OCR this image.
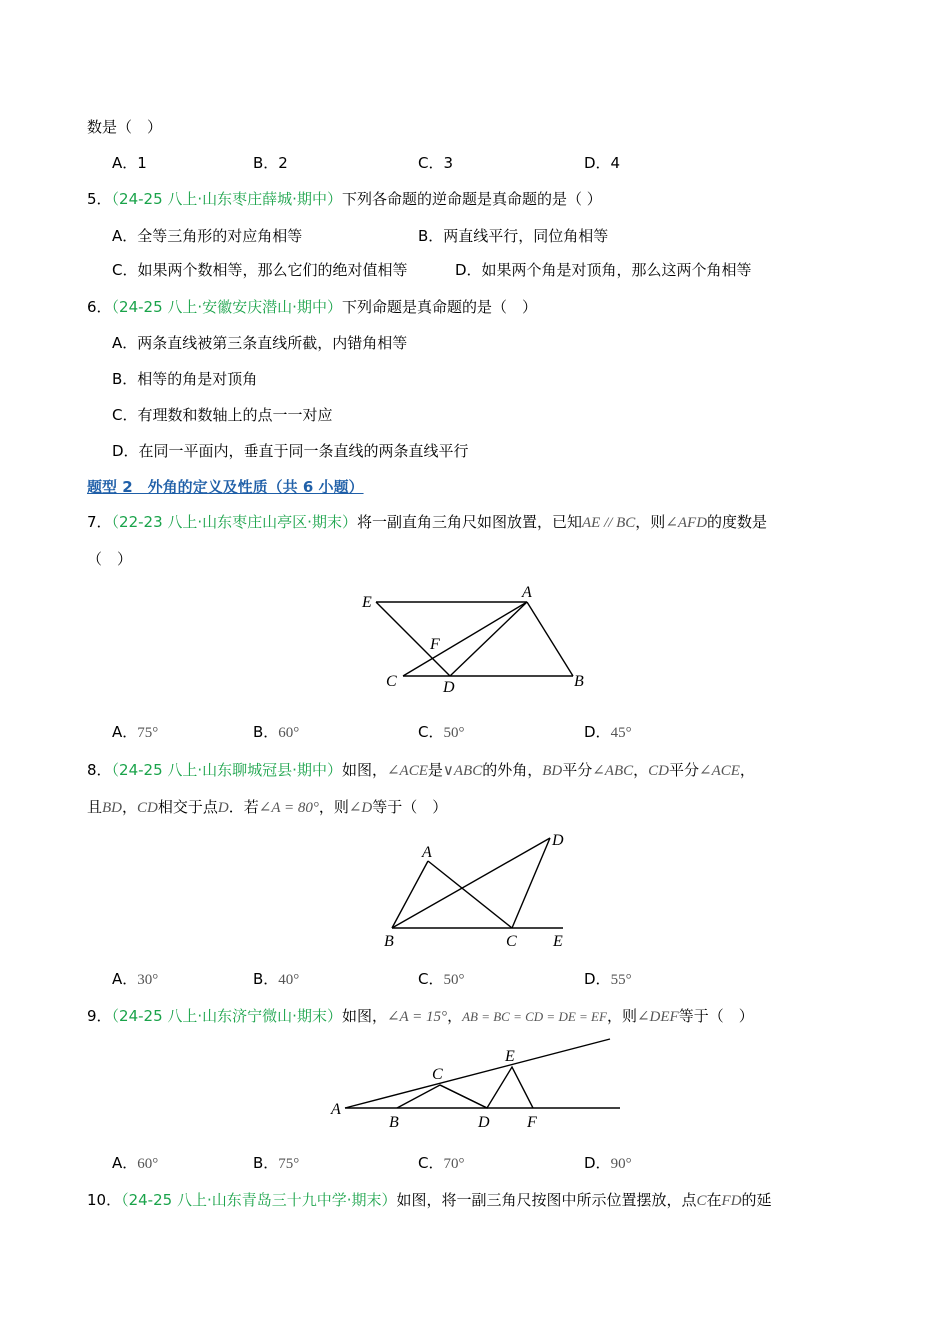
数是（　）
A．1	B．2	C．3	D．4
5．（24-25 八上·山东枣庄薛城·期中）下列各命题的逆命题是真命题的是（ ）
A．全等三角形的对应角相等	B．两直线平行，同位角相等
C．如果两个数相等，那么它们的绝对值相等	D．如果两个角是对顶角，那么这两个角相等
6．（24-25 八上·安徽安庆潜山·期中）下列命题是真命题的是（　）
A．两条直线被第三条直线所截，内错角相等
B．相等的角是对顶角
C．有理数和数轴上的点一一对应
D．在同一平面内，垂直于同一条直线的两条直线平行
题型 2　外角的定义及性质（共 6 小题）
7．（22-23 八上·山东枣庄山亭区·期末）将一副直角三角尺如图放置，已知AE // BC，则∠AFD的度数是
（　）
E
A
F
C	D	B
A．75°	B．60°	C．50°	D．45°
8．（24-25 八上·山东聊城冠县·期中）如图，∠ACE是∨ABC的外角，BD平分∠ABC，CD平分∠ACE，
且BD，CD相交于点D．若∠A = 80°，则∠D等于（　）
A
D
B	C E
A．30°	B．40°	C．50°	D．55°
9．（24-25 八上·山东济宁微山·期末）如图，∠A = 15°，AB = BC = CD = DE = EF，则∠DEF等于（　）
A
B
C
D
E
F
A．60°	B．75°	C．70°	D．90°
10．（24-25 八上·山东青岛三十九中学·期末）如图，将一副三角尺按图中所示位置摆放，点C在FD的延
